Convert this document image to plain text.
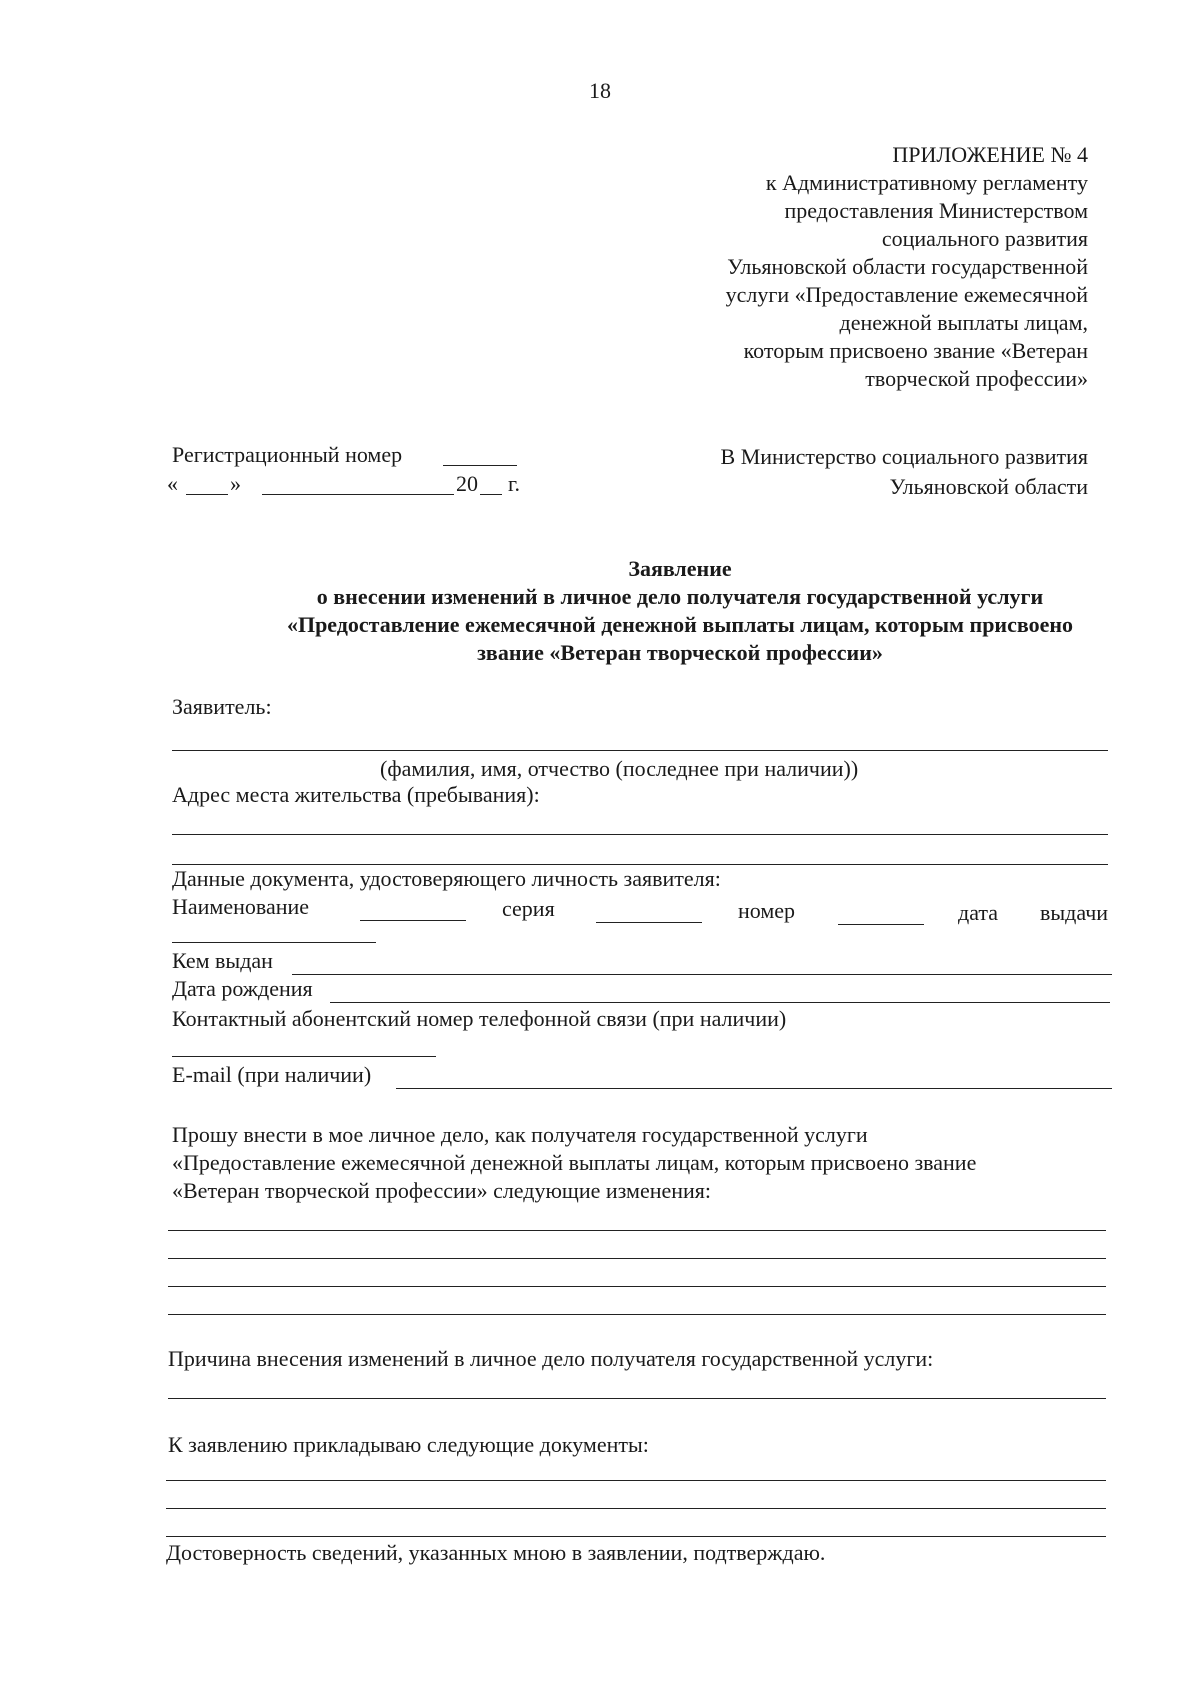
18
ПРИЛОЖЕНИЕ № 4
к Административному регламенту
предоставления Министерством
социального развития
Ульяновской области государственной
услуги «Предоставление ежемесячной
денежной выплаты лицам,
которым присвоено звание «Ветеран
творческой профессии»
Регистрационный номер
« »	20 г.
В Министерство социального развития
Ульяновской области
Заявление
о внесении изменений в личное дело получателя государственной услуги
«Предоставление ежемесячной денежной выплаты лицам, которым присвоено
звание «Ветеран творческой профессии»
Заявитель:
(фамилия, имя, отчество (последнее при наличии))
Адрес места жительства (пребывания):
Данные документа, удостоверяющего личность заявителя:
Наименование	серия	номер	дата выдачи
Кем выдан
Дата рождения
Контактный абонентский номер телефонной связи (при наличии)
E-mail (при наличии)
Прошу внести в мое личное дело, как получателя государственной услуги
«Предоставление ежемесячной денежной выплаты лицам, которым присвоено звание
«Ветеран творческой профессии» следующие изменения:
Причина внесения изменений в личное дело получателя государственной услуги:
К заявлению прикладываю следующие документы:
Достоверность сведений, указанных мною в заявлении, подтверждаю.
